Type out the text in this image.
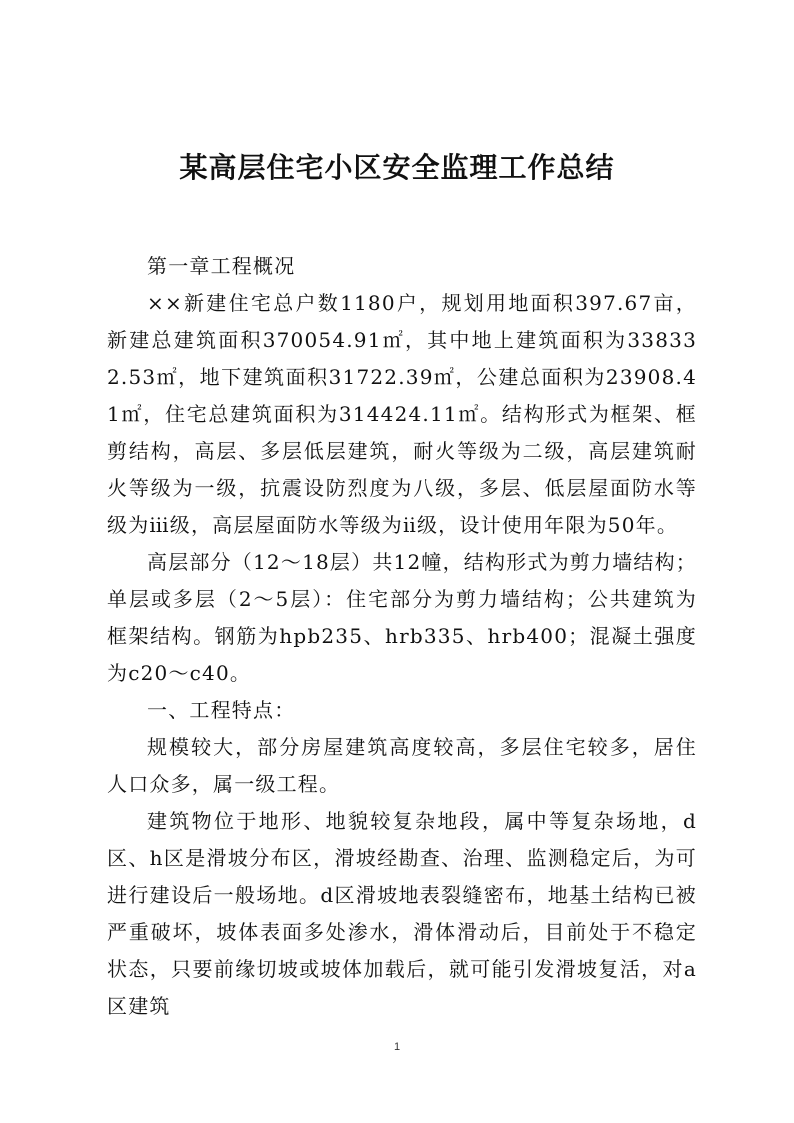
某高层住宅小区安全监理工作总结

第一章工程概况

××新建住宅总户数1180户，规划用地面积397.67亩，新建总建筑面积370054.91㎡，其中地上建筑面积为338332.53㎡，地下建筑面积31722.39㎡，公建总面积为23908.41㎡，住宅总建筑面积为314424.11㎡。结构形式为框架、框剪结构，高层、多层低层建筑，耐火等级为二级，高层建筑耐火等级为一级，抗震设防烈度为八级，多层、低层屋面防水等级为ⅲ级，高层屋面防水等级为ⅱ级，设计使用年限为50年。

高层部分（12～18层）共12幢，结构形式为剪力墙结构；单层或多层（2～5层）：住宅部分为剪力墙结构；公共建筑为框架结构。钢筋为hpb235、hrb335、hrb400；混凝土强度为c20～c40。

一、工程特点：

规模较大，部分房屋建筑高度较高，多层住宅较多，居住人口众多，属一级工程。

建筑物位于地形、地貌较复杂地段，属中等复杂场地，d区、h区是滑坡分布区，滑坡经勘查、治理、监测稳定后，为可进行建设后一般场地。d区滑坡地表裂缝密布，地基土结构已被严重破坏，坡体表面多处渗水，滑体滑动后，目前处于不稳定状态，只要前缘切坡或坡体加载后，就可能引发滑坡复活，对a区建筑

1
